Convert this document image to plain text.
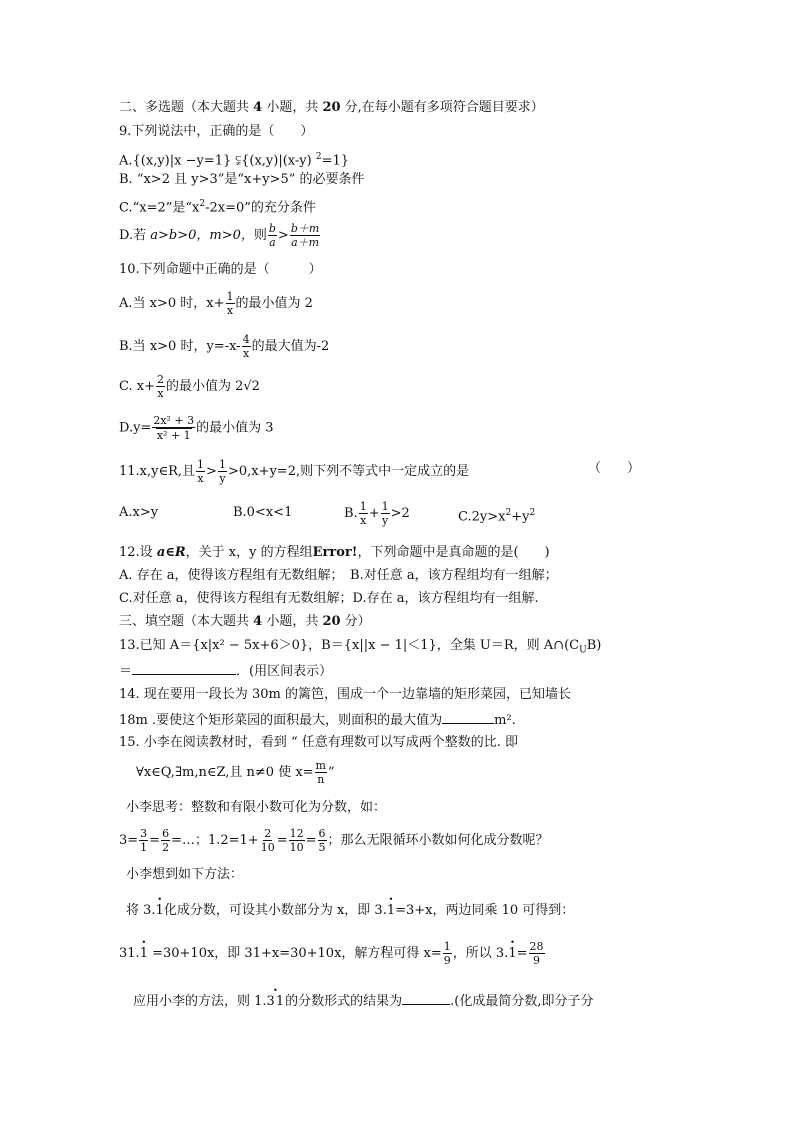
二、多选题（本大题共 4 小题，共 20 分,在每小题有多项符合题目要求）
9.下列说法中，正确的是（　　）
A.{(x,y)|x −y=1} ⫋{(x,y)|(x-y) $^2$=1}
B. “x>2 且 y>3”是“x+y>5” 的必要条件
C.“x=2”是“$x^2-2x=0$”的充分条件
D.若 a>b>0，m>0，则 $\frac{b}{a} > \frac{b+m}{a+m}$
10.下列命题中正确的是（　　　）
A.当 x>0 时，$x+ \frac{1}{x}$ 的最小值为 2
B.当 x>0 时，$y=-x- \frac{4}{x}$ 的最大值为-2
C. $x+ \frac{2}{x}$ 的最小值为 2√2
$D.y= \frac{\text{2x² + 3}}{\text{x² + 1}}$ 的最小值为 3
11.x,y∈R,且 $\frac{1}{x} > \frac{1}{y} >0,x+y=2$,则下列不等式中一定成立的是	（　　）
A.x>y	B.0<x<1	B. $\frac{1}{x} + \frac{1}{y} >2$	$C.2y>x^2+y^2$
12.设 a∈R，关于 x，y 的方程组Error!，下列命题中是真命题的是(　　)
A. 存在 a，使得该方程组有无数组解；　B.对任意 a，该方程组均有一组解；
C.对任意 a，使得该方程组有无数组解；D.存在 a，该方程组均有一组解.
三、填空题（本大题共 4 小题，共 20 分）
13.已知 A＝{x|x² − 5x+6＞0}，B＝{x||x − 1|＜1}，全集 U＝R，则 $A\cap(C_UB)$
＝	．(用区间表示）
14. 现在要用一段长为 30m 的篱笆，围成一个一边靠墙的矩形菜园，已知墙长
18m .要使这个矩形菜园的面积最大，则面积的最大值为	m².
15. 小李在阅读教材时，看到 “ 任意有理数可以写成两个整数的比. 即
∀x∈Q,∃m,n∈Z,且 n≠0 使 $x= \frac{m}{n}$ ”
小李思考：整数和有限小数可化为分数，如：
$3= \frac{3}{1} = \frac{6}{2}$ =…；$1.2=1+ \frac{2}{10} = \frac{12}{10} = \frac{6}{5}$ ；那么无限循环小数如何化成分数呢？
小李想到如下方法：
将 3.• 1化成分数，可设其小数部分为 x，即 3.• 1=3+x，两边同乘 10 可得到：
31.• 1 =30+10x，即 31+x=30+10x，解方程可得 $x= \frac{1}{9}$ ，所以 3.• $1= \frac{28}{9}$
应用小李的方法，则 1.• 31的分数形式的结果为	.(化成最简分数,即分子分
